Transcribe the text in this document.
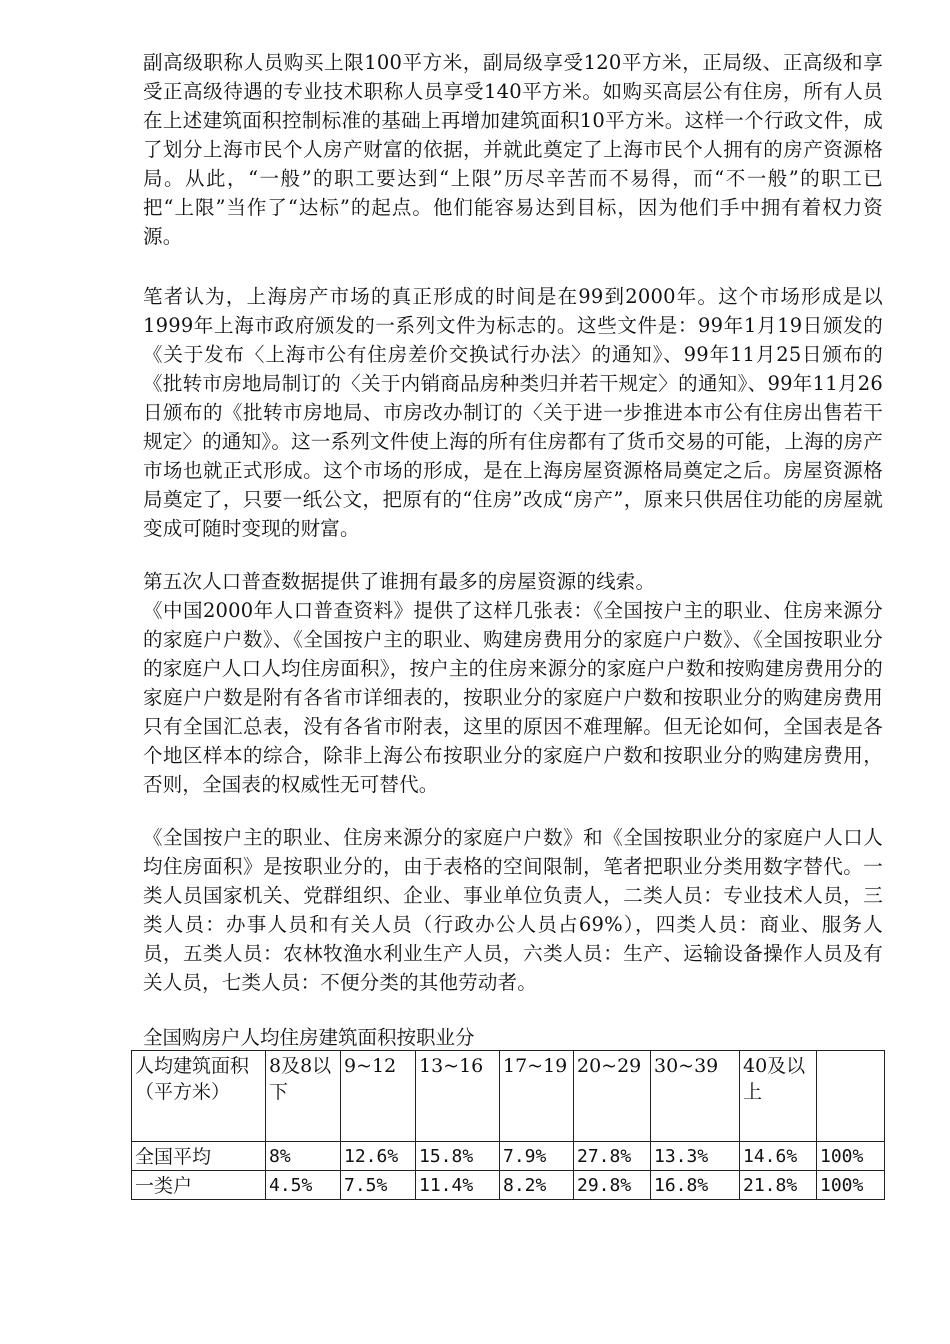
副高级职称人员购买上限100平方米，副局级享受120平方米，正局级、正高级和享受正高级待遇的专业技术职称人员享受140平方米。如购买高层公有住房，所有人员在上述建筑面积控制标准的基础上再增加建筑面积10平方米。这样一个行政文件，成了划分上海市民个人房产财富的依据，并就此奠定了上海市民个人拥有的房产资源格局。从此，“一般”的职工要达到“上限”历尽辛苦而不易得，而“不一般”的职工已把“上限”当作了“达标”的起点。他们能容易达到目标，因为他们手中拥有着权力资源。

笔者认为，上海房产市场的真正形成的时间是在99到2000年。这个市场形成是以1999年上海市政府颁发的一系列文件为标志的。这些文件是：99年1月19日颁发的《关于发布〈上海市公有住房差价交换试行办法〉的通知》、99年11月25日颁布的《批转市房地局制订的〈关于内销商品房种类归并若干规定〉的通知》、99年11月26日颁布的《批转市房地局、市房改办制订的〈关于进一步推进本市公有住房出售若干规定〉的通知》。这一系列文件使上海的所有住房都有了货币交易的可能，上海的房产市场也就正式形成。这个市场的形成，是在上海房屋资源格局奠定之后。房屋资源格局奠定了，只要一纸公文，把原有的“住房”改成“房产”，原来只供居住功能的房屋就变成可随时变现的财富。

第五次人口普查数据提供了谁拥有最多的房屋资源的线索。

《中国2000年人口普查资料》提供了这样几张表：《全国按户主的职业、住房来源分的家庭户户数》、《全国按户主的职业、购建房费用分的家庭户户数》、《全国按职业分的家庭户人口人均住房面积》，按户主的住房来源分的家庭户户数和按购建房费用分的家庭户户数是附有各省市详细表的，按职业分的家庭户户数和按职业分的购建房费用只有全国汇总表，没有各省市附表，这里的原因不难理解。但无论如何，全国表是各个地区样本的综合，除非上海公布按职业分的家庭户户数和按职业分的购建房费用，否则，全国表的权威性无可替代。

《全国按户主的职业、住房来源分的家庭户户数》和《全国按职业分的家庭户人口人均住房面积》是按职业分的，由于表格的空间限制，笔者把职业分类用数字替代。一类人员国家机关、党群组织、企业、事业单位负责人，二类人员：专业技术人员，三类人员：办事人员和有关人员（行政办公人员占69%），四类人员：商业、服务人员，五类人员：农林牧渔水利业生产人员，六类人员：生产、运输设备操作人员及有关人员，七类人员：不便分类的其他劳动者。

全国购房户人均住房建筑面积按职业分

人均建筑面积（平方米）	8及8以下	9~12	13~16	17~19	20~29	30~39	40及以上	
全国平均	8%	12.6%	15.8%	7.9%	27.8%	13.3%	14.6%	100%
一类户	4.5%	7.5%	11.4%	8.2%	29.8%	16.8%	21.8%	100%
